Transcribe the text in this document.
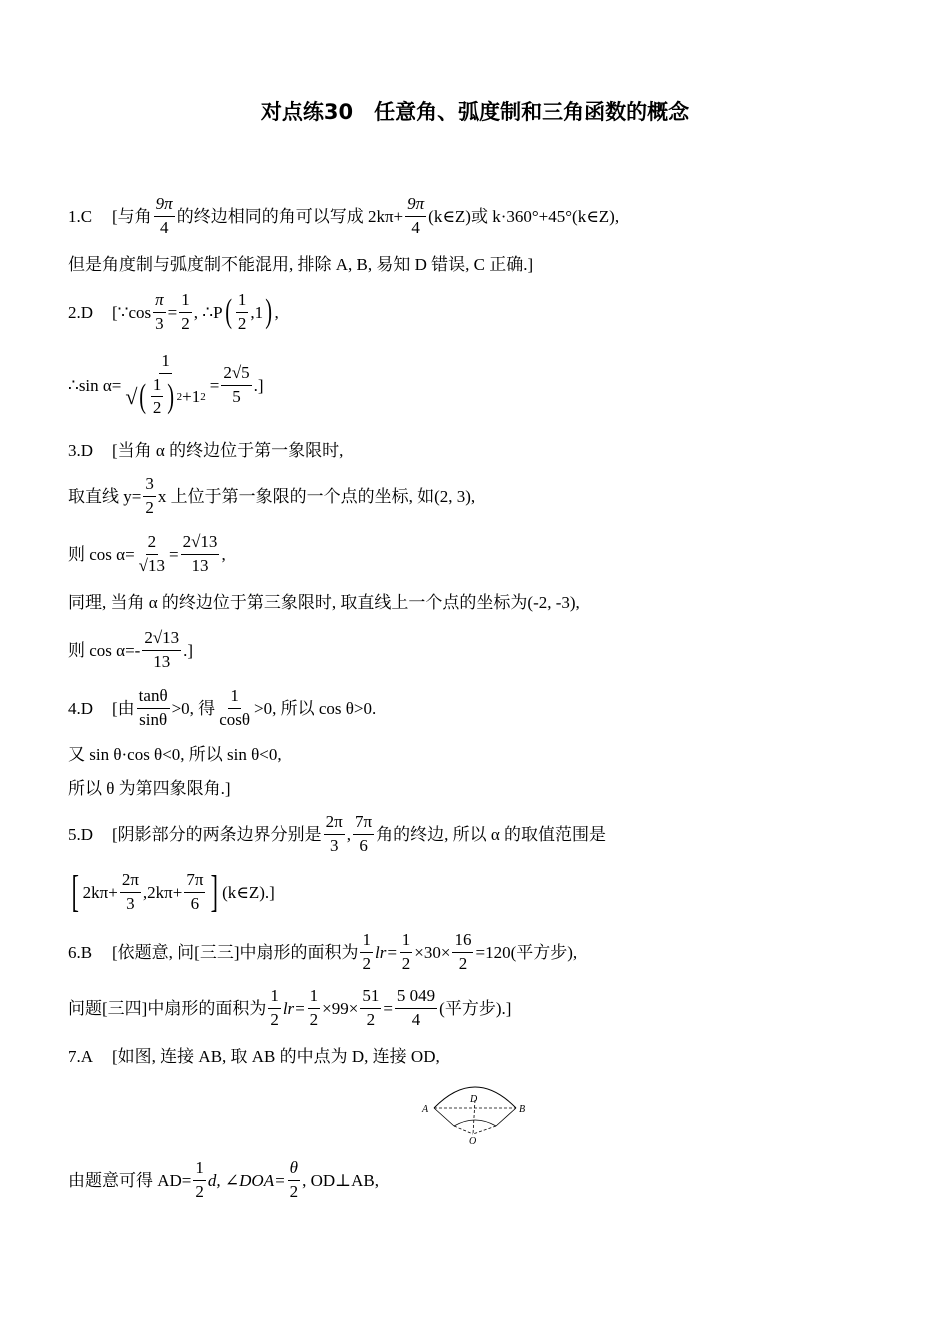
对点练30　任意角、弧度制和三角函数的概念
1.C	[与角 $\frac{9\pi}{4}$ 的终边相同的角可以写成 $2k\pi+ \frac{9\pi}{4}$ (k∈Z)或 k·360°+45°(k∈Z),
但是角度制与弧度制不能混用, 排除 A, B, 易知 D 错误, C 正确.]
2.D	[∵cos $\frac{\pi}{3} = \frac{1}{2}$ , ∴P ( $\frac{1}{2} ,1$ ) ,
∴sin α=
1
√ ( $\frac{1}{2}$ ) 2 +1 2
= $\frac{2√5}{5}$ .]
3.D	[当角 α 的终边位于第一象限时,
取直线 $y= \frac{3}{2}$ x 上位于第一象限的一个点的坐标, 如(2, 3),
则 $\cos \alpha= \frac{2}{√13} = \frac{2√13}{13}$ ,
同理, 当角 α 的终边位于第三象限时, 取直线上一个点的坐标为(-2, -3),
则 $\cos \alpha=- \frac{2√13}{13}$ .]
4.D	[由 $\frac{\tan\theta}{\sin\theta} >0$, 得 $\frac{1}{\cos\theta} >0$, 所以 cos θ>0.
又 sin θ·cos θ<0, 所以 sin θ<0,
所以 θ 为第四象限角.]
5.D	[阴影部分的两条边界分别是 $\frac{2\pi}{3}$ , $\frac{7\pi}{6}$ 角的终边, 所以 α 的取值范围是
[ $2k\pi+ \frac{2\pi}{3} ,2k\pi+ \frac{7\pi}{6}$ ] (k∈Z).]
6.B	[依题意, 问[三三]中扇形的面积为 $\frac{1}{2} lr= \frac{1}{2} \times 30\times \frac{16}{2} =120$(平方步),
问题[三四]中扇形的面积为 $\frac{1}{2} lr= \frac{1}{2} \times 99\times \frac{51}{2} = \frac{5 049}{4}$ (平方步).]
7.A	[如图, 连接 AB, 取 AB 的中点为 D, 连接 OD,
A	B
D
O
由题意可得 $AD= \frac{1}{2} d$, ∠DOA= $\frac{\theta}{2}$ , OD⊥AB,
